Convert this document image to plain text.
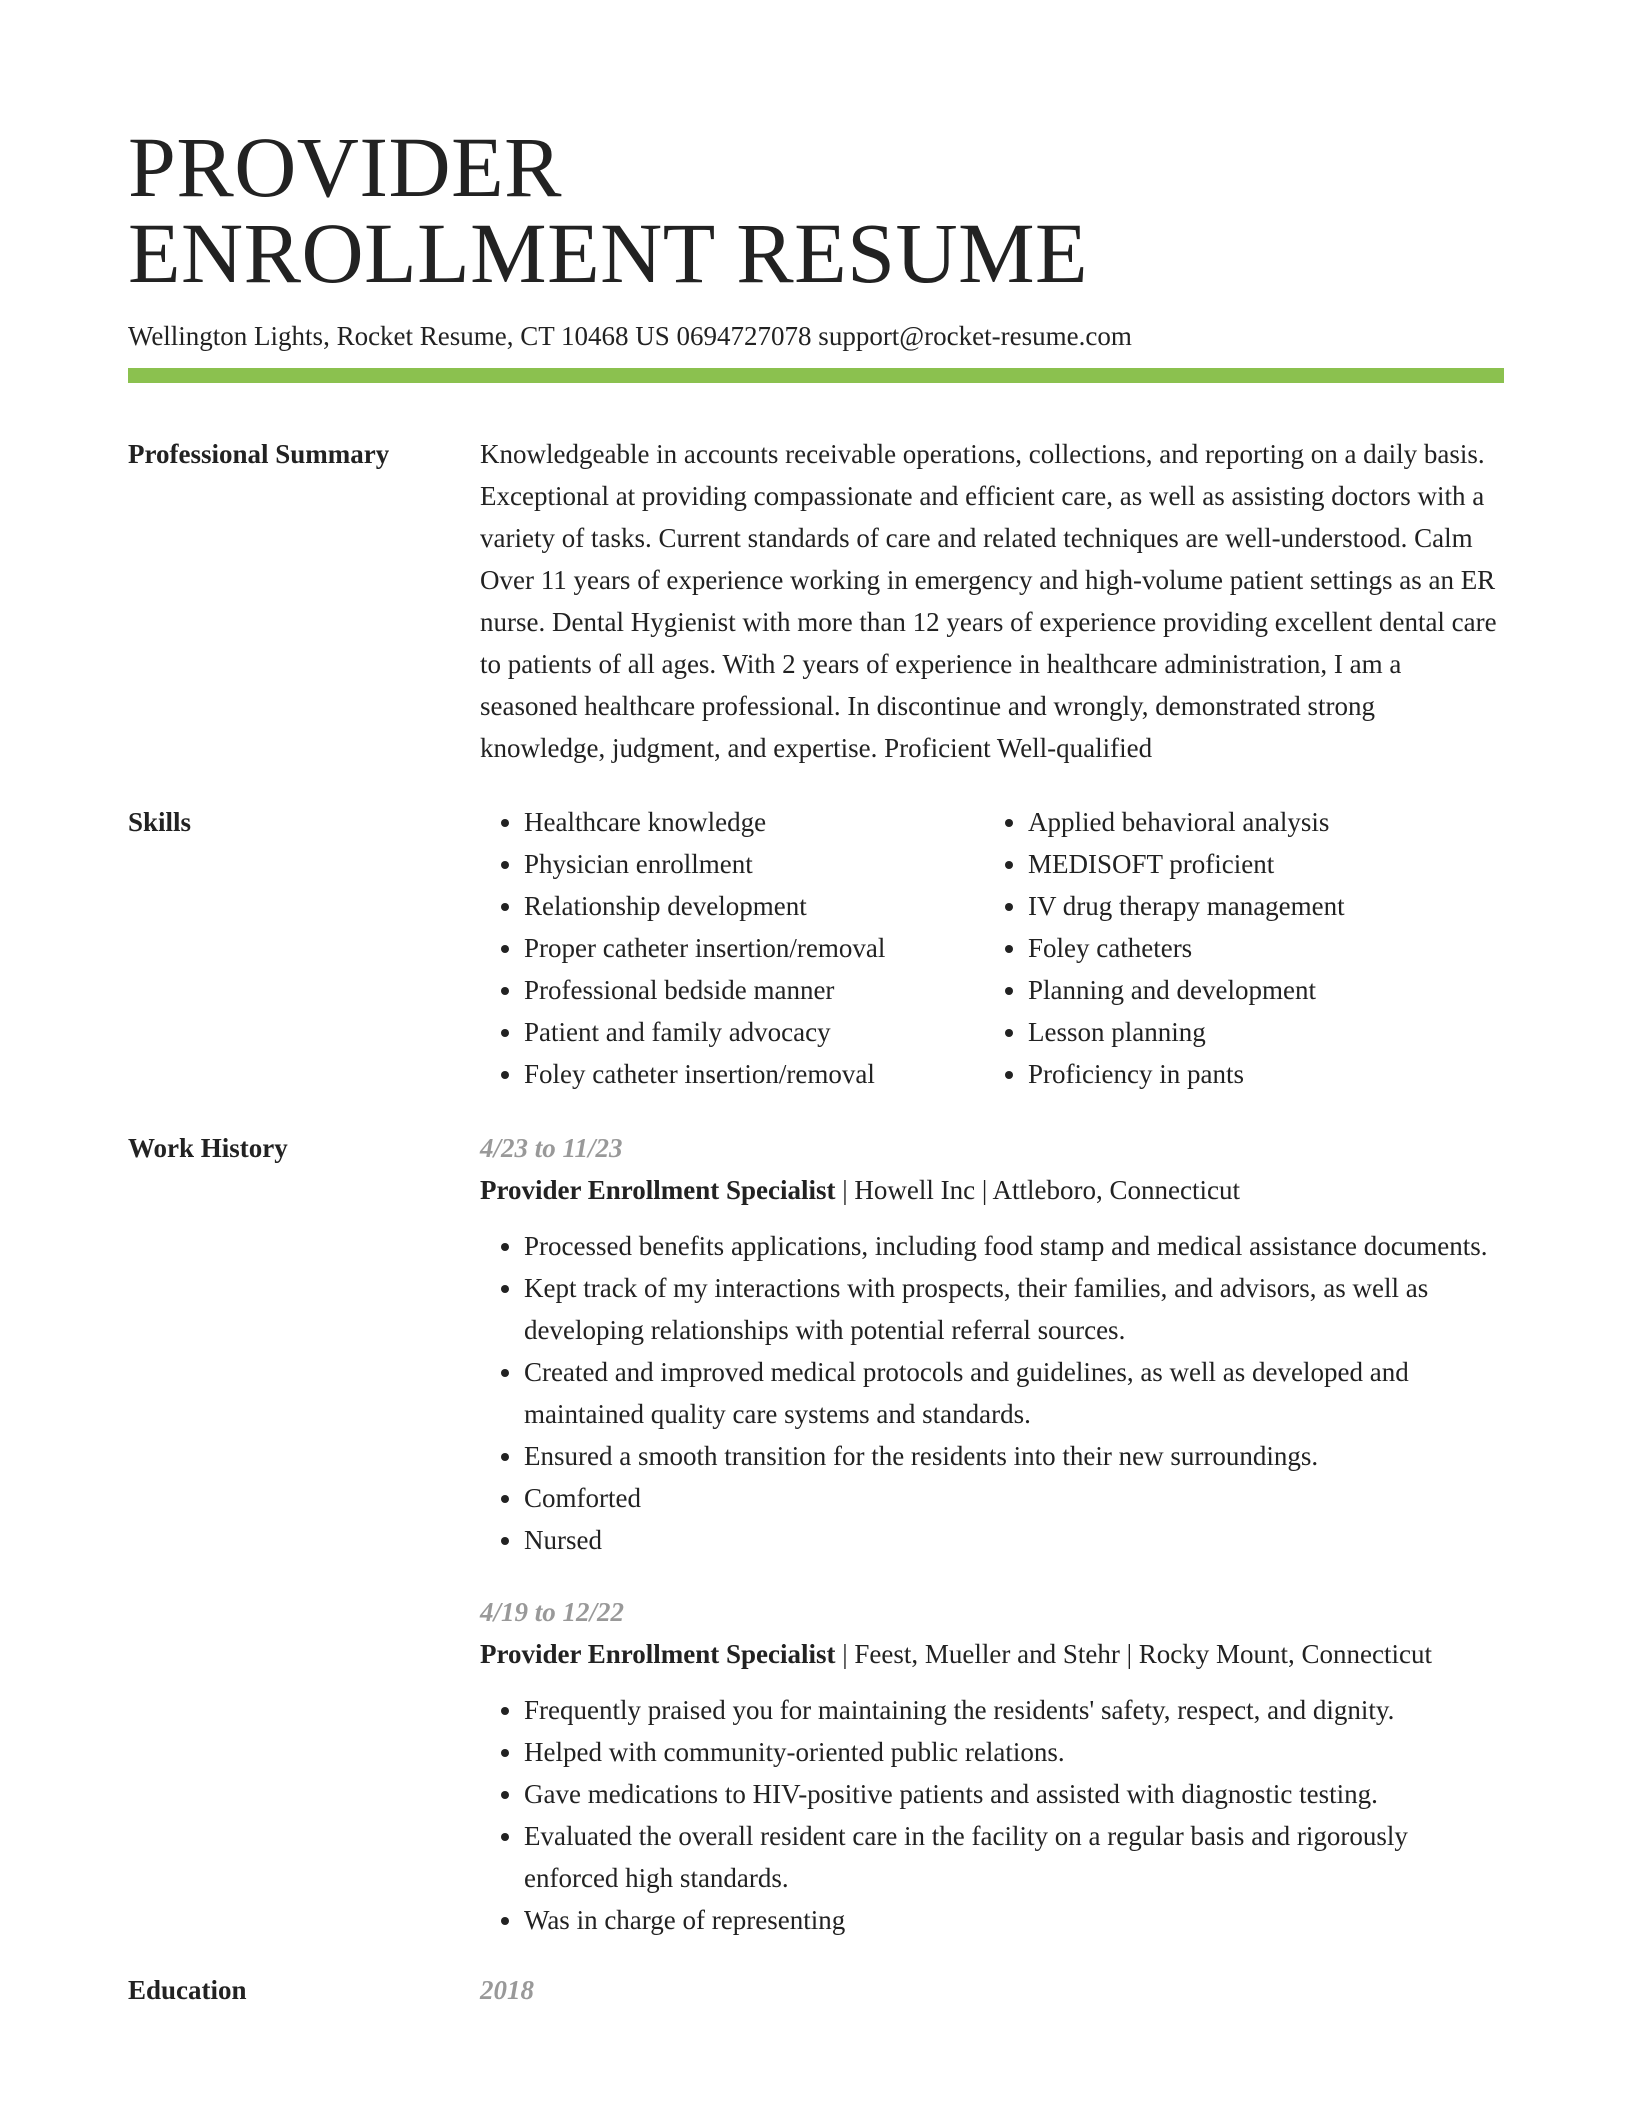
PROVIDER
ENROLLMENT RESUME
Wellington Lights, Rocket Resume, CT 10468 US 0694727078 support@rocket-resume.com
Professional Summary	Knowledgeable in accounts receivable operations, collections, and reporting on a daily basis. Exceptional at providing compassionate and efficient care, as well as assisting doctors with a variety of tasks. Current standards of care and related techniques are well-understood. Calm Over 11 years of experience working in emergency and high-volume patient settings as an ER nurse. Dental Hygienist with more than 12 years of experience providing excellent dental care to patients of all ages. With 2 years of experience in healthcare administration, I am a seasoned healthcare professional. In discontinue and wrongly, demonstrated strong knowledge, judgment, and expertise. Proficient Well-qualified

Skills
•	Healthcare knowledge
• Physician enrollment
• Relationship development
• Proper catheter insertion/removal
• Professional bedside manner
• Patient and family advocacy
• Foley catheter insertion/removal
• Applied behavioral analysis
• MEDISOFT proficient
• IV drug therapy management
• Foley catheters
• Planning and development
• Lesson planning
• Proficiency in pants
Work History	4/23 to 11/23

Provider Enrollment Specialist | Howell Inc | Attleboro, Connecticut

• Processed benefits applications, including food stamp and medical assistance documents.
• Kept track of my interactions with prospects, their families, and advisors, as well as developing relationships with potential referral sources.
• Created and improved medical protocols and guidelines, as well as developed and maintained quality care systems and standards.
• Ensured a smooth transition for the residents into their new surroundings.
• Comforted
• Nursed
4/19 to 12/22

Provider Enrollment Specialist | Feest, Mueller and Stehr | Rocky Mount, Connecticut

• Frequently praised you for maintaining the residents' safety, respect, and dignity.
• Helped with community-oriented public relations.
• Gave medications to HIV-positive patients and assisted with diagnostic testing.
• Evaluated the overall resident care in the facility on a regular basis and rigorously enforced high standards.
• Was in charge of representing
Education	2018
